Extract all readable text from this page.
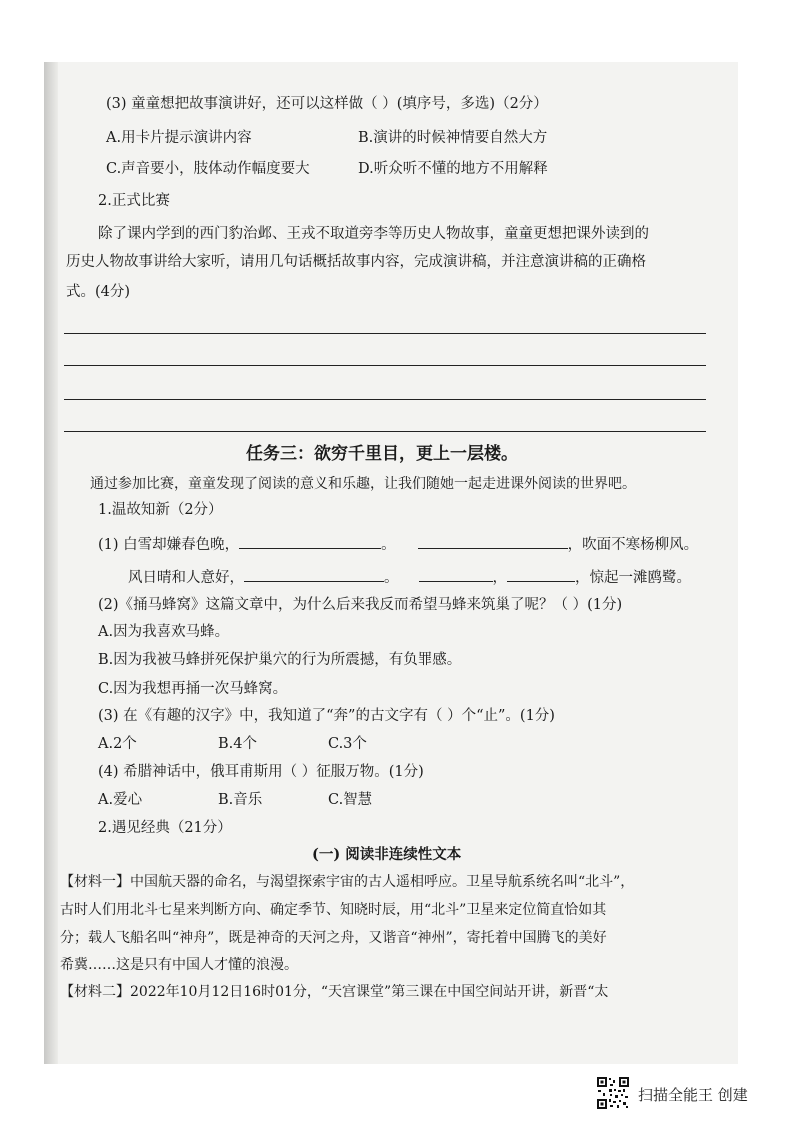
(3) 童童想把故事演讲好，还可以这样做（ ）(填序号，多选)（2分）
A.用卡片提示演讲内容	B.演讲的时候神情要自然大方
C.声音要小，肢体动作幅度要大	D.听众听不懂的地方不用解释
2.正式比赛
除了课内学到的西门豹治邺、王戎不取道旁李等历史人物故事，童童更想把课外读到的
历史人物故事讲给大家听，请用几句话概括故事内容，完成演讲稿，并注意演讲稿的正确格
式。(4分)
任务三：欲穷千里目，更上一层楼。
通过参加比赛，童童发现了阅读的意义和乐趣，让我们随她一起走进课外阅读的世界吧。
1.温故知新（2分）
(1) 白雪却嫌春色晚，	。	，吹面不寒杨柳风。
风日晴和人意好，	。	，	，惊起一滩鸥鹭。
(2)《捅马蜂窝》这篇文章中，为什么后来我反而希望马蜂来筑巢了呢？（ ）(1分)
A.因为我喜欢马蜂。
B.因为我被马蜂拼死保护巢穴的行为所震撼，有负罪感。
C.因为我想再捅一次马蜂窝。
(3) 在《有趣的汉字》中，我知道了“奔”的古文字有（ ）个“止”。(1分)
A.2个	B.4个	C.3个
(4) 希腊神话中，俄耳甫斯用（ ）征服万物。(1分)
A.爱心	B.音乐	C.智慧
2.遇见经典（21分）
(一) 阅读非连续性文本
【材料一】中国航天器的命名，与渴望探索宇宙的古人遥相呼应。卫星导航系统名叫“北斗”，
古时人们用北斗七星来判断方向、确定季节、知晓时辰，用“北斗”卫星来定位简直恰如其
分；载人飞船名叫“神舟”，既是神奇的天河之舟，又谐音“神州”，寄托着中国腾飞的美好
希冀……这是只有中国人才懂的浪漫。
【材料二】2022年10月12日16时01分，“天宫课堂”第三课在中国空间站开讲，新晋“太
扫描全能王 创建
